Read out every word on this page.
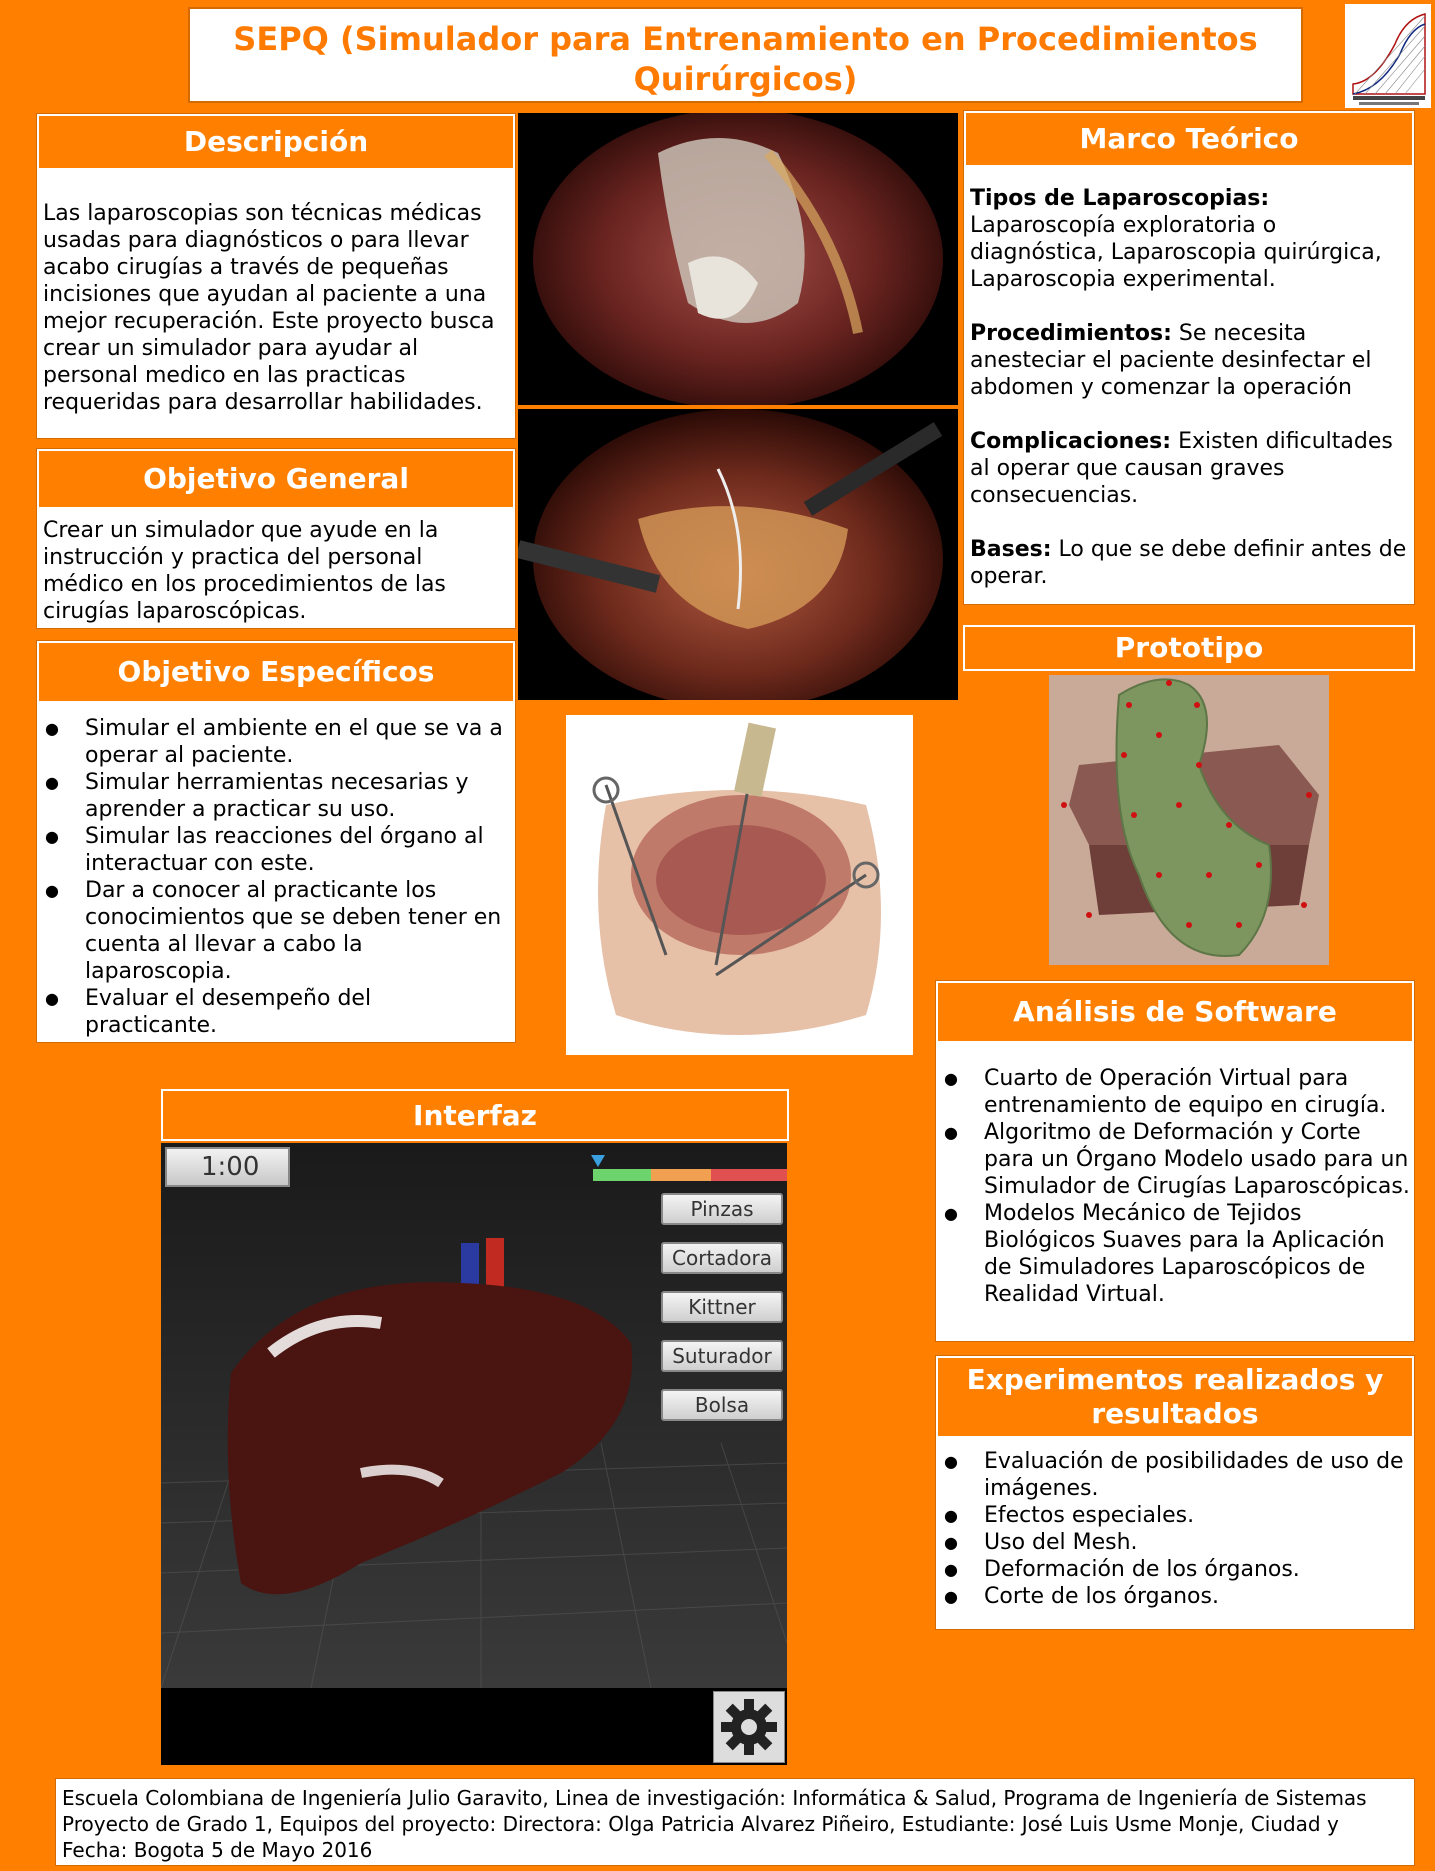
SEPQ (Simulador para Entrenamiento en Procedimientos Quirúrgicos)
Descripción
Las laparoscopias son técnicas médicas usadas para diagnósticos o para llevar acabo cirugías a través de pequeñas incisiones que ayudan al paciente a una mejor recuperación. Este proyecto busca crear un simulador para ayudar al personal medico en las practicas requeridas para desarrollar habilidades.
Objetivo General
Crear un simulador que ayude en la instrucción y practica del personal médico en los procedimientos de las cirugías laparoscópicas.
Objetivo Específicos
● Simular el ambiente en el que se va a operar al paciente.
● Simular herramientas necesarias y aprender a practicar su uso.
● Simular las reacciones del órgano al interactuar con este.
● Dar a conocer al practicante los conocimientos que se deben tener en cuenta al llevar a cabo la laparoscopia.
● Evaluar el desempeño del practicante.
Marco Teórico

Tipos de Laparoscopias:
Laparoscopía exploratoria o diagnóstica, Laparoscopia quirúrgica, Laparoscopia experimental.

Procedimientos: Se necesita anesteciar el paciente desinfectar el abdomen y comenzar la operación

Complicaciones: Existen dificultades al operar que causan graves consecuencias.

Bases: Lo que se debe definir antes de operar.

Prototipo
Análisis de Software
● Cuarto de Operación Virtual para entrenamiento de equipo en cirugía.
● Algoritmo de Deformación y Corte para un Órgano Modelo usado para un Simulador de Cirugías Laparoscópicas.
● Modelos Mecánico de Tejidos Biológicos Suaves para la Aplicación de Simuladores Laparoscópicos de Realidad Virtual.
Experimentos realizados y resultados
● Evaluación de posibilidades de uso de imágenes.
● Efectos especiales.
● Uso del Mesh.
● Deformación de los órganos.
● Corte de los órganos.
Interfaz
1:00
Pinzas
Cortadora
Kittner
Suturador
Bolsa
Escuela Colombiana de Ingeniería Julio Garavito, Linea de investigación: Informática & Salud, Programa de Ingeniería de Sistemas Proyecto de Grado 1, Equipos del proyecto: Directora: Olga Patricia Alvarez Piñeiro, Estudiante: José Luis Usme Monje, Ciudad y Fecha: Bogota 5 de Mayo 2016
